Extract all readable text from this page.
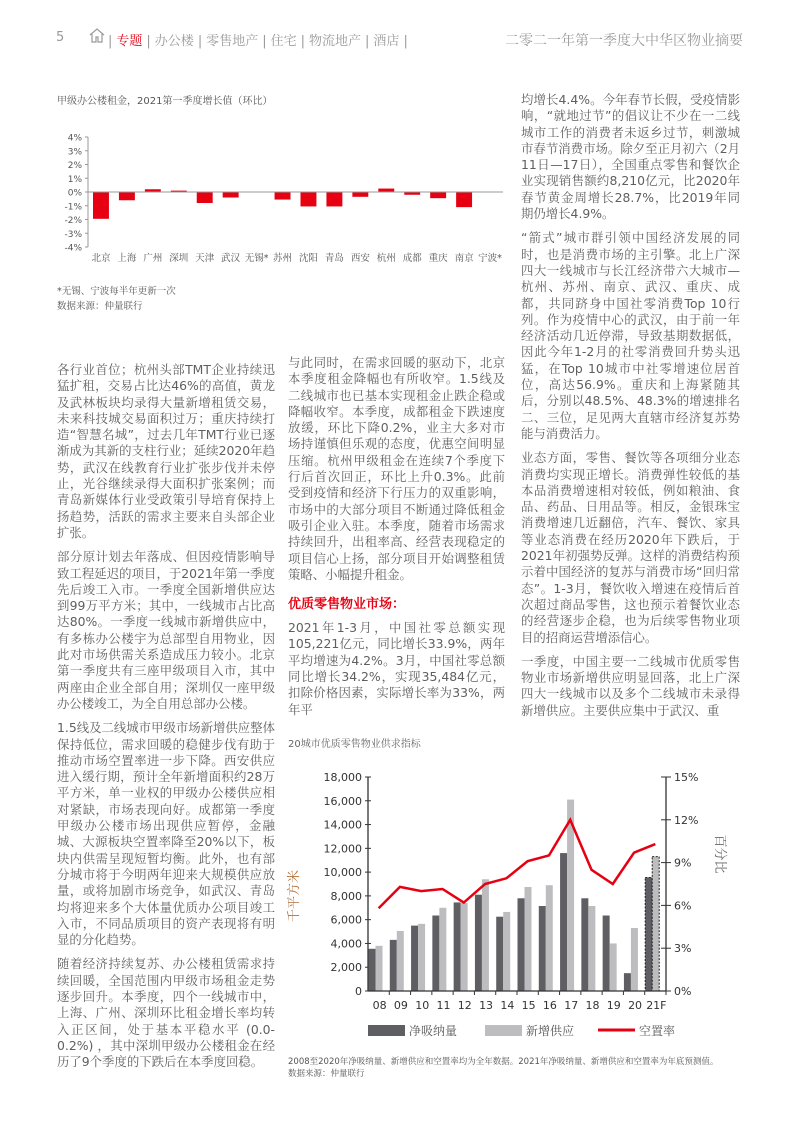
5	| 专题 | 办公楼 | 零售地产 | 住宅 | 物流地产 | 酒店 |	二零二一年第一季度大中华区物业摘要
甲级办公楼租金，2021第一季度增长值（环比）
4%
3%
2%
1%
0%
-1%
-2%
-3%
-4%
北京 上海 广州 深圳 天津 武汉 无锡* 苏州 沈阳 青岛 西安 杭州 成都 重庆 南京 宁波*
*无锡、宁波每半年更新一次
数据来源：仲量联行
各行业首位；杭州头部TMT企业持续迅猛扩租，交易占比达46%的高值，黄龙及武林板块均录得大量新增租赁交易，未来科技城交易面积过万；重庆持续打造“智慧名城”，过去几年TMT行业已逐渐成为其新的支柱行业；延续2020年趋势，武汉在线教育行业扩张步伐并未停止，光谷继续录得大面积扩张案例；而青岛新媒体行业受政策引导培育保持上扬趋势，活跃的需求主要来自头部企业扩张。
部分原计划去年落成、但因疫情影响导致工程延迟的项目，于2021年第一季度先后竣工入市。一季度全国新增供应达到99万平方米；其中，一线城市占比高达80%。一季度一线城市新增供应中，有多栋办公楼宇为总部型自用物业，因此对市场供需关系造成压力较小。北京第一季度共有三座甲级项目入市，其中两座由企业全部自用；深圳仅一座甲级办公楼竣工，为全自用总部办公楼。
1.5线及二线城市甲级市场新增供应整体保持低位，需求回暖的稳健步伐有助于推动市场空置率进一步下降。西安供应进入缓行期，预计全年新增面积约28万平方米，单一业权的甲级办公楼供应相对紧缺，市场表现向好。成都第一季度甲级办公楼市场出现供应暂停，金融城、大源板块空置率降至20%以下，板块内供需呈现短暂均衡。此外，也有部分城市将于今明两年迎来大规模供应放量，或将加剧市场竞争，如武汉、青岛均将迎来多个大体量优质办公项目竣工入市，不同品质项目的资产表现将有明显的分化趋势。
随着经济持续复苏、办公楼租赁需求持续回暖，全国范围内甲级市场租金走势逐步回升。本季度，四个一线城市中，上海、广州、深圳环比租金增长率均转入正区间，处于基本平稳水平 (0.0-0.2%) ，其中深圳甲级办公楼租金在经历了9个季度的下跌后在本季度回稳。
与此同时，在需求回暖的驱动下，北京本季度租金降幅也有所收窄。1.5线及二线城市也已基本实现租金止跌企稳或降幅收窄。本季度，成都租金下跌速度放缓，环比下降0.2%，业主大多对市场持谨慎但乐观的态度，优惠空间明显压缩。杭州甲级租金在连续7个季度下行后首次回正，环比上升0.3%。此前受到疫情和经济下行压力的双重影响，市场中的大部分项目不断通过降低租金吸引企业入驻。本季度，随着市场需求持续回升，出租率高、经营表现稳定的项目信心上扬，部分项目开始调整租赁策略、小幅提升租金。
优质零售物业市场：
2021年1-3月，中国社零总额实现105,221亿元，同比增长33.9%，两年平均增速为4.2%。3月，中国社零总额同比增长34.2%，实现35,484亿元，扣除价格因素，实际增长率为33%，两年平
20城市优质零售物业供求指标
18,000
16,000
14,000
12,000
10,000
8,000
6,000
4,000
2,000
0
15%
12%
9%
6%
3%
0%
08 09 10 11 12 13 14 15 16 17 18 19 20 21F
千平方米
百分比
净吸纳量	新增供应	空置率
2008至2020年净吸纳量、新增供应和空置率均为全年数据。2021年净吸纳量、新增供应和空置率为年底预测值。
数据来源：仲量联行
均增长4.4%。今年春节长假，受疫情影响，“就地过节”的倡议让不少在一二线城市工作的消费者未返乡过节，刺激城市春节消费市场。除夕至正月初六（2月11日—17日），全国重点零售和餐饮企业实现销售额约8,210亿元，比2020年春节黄金周增长28.7%，比2019年同期仍增长4.9%。
“箭式”城市群引领中国经济发展的同时，也是消费市场的主引擎。北上广深四大一线城市与长江经济带六大城市—杭州、苏州、南京、武汉、重庆、成都，共同跻身中国社零消费Top 10行列。作为疫情中心的武汉，由于前一年经济活动几近停滞，导致基期数据低，因此今年1-2月的社零消费回升势头迅猛，在Top 10城市中社零增速位居首位，高达56.9%。重庆和上海紧随其后，分别以48.5%、48.3%的增速排名二、三位，足见两大直辖市经济复苏势能与消费活力。
业态方面，零售、餐饮等各项细分业态消费均实现正增长。消费弹性较低的基本品消费增速相对较低，例如粮油、食品、药品、日用品等。相反，金银珠宝消费增速几近翻倍，汽车、餐饮、家具等业态消费在经历2020年下跌后，于2021年初强势反弹。这样的消费结构预示着中国经济的复苏与消费市场“回归常态”。1-3月，餐饮收入增速在疫情后首次超过商品零售，这也预示着餐饮业态的经营逐步企稳，也为后续零售物业项目的招商运营增添信心。
一季度，中国主要一二线城市优质零售物业市场新增供应明显回落，北上广深四大一线城市以及多个二线城市未录得新增供应。主要供应集中于武汉、重
